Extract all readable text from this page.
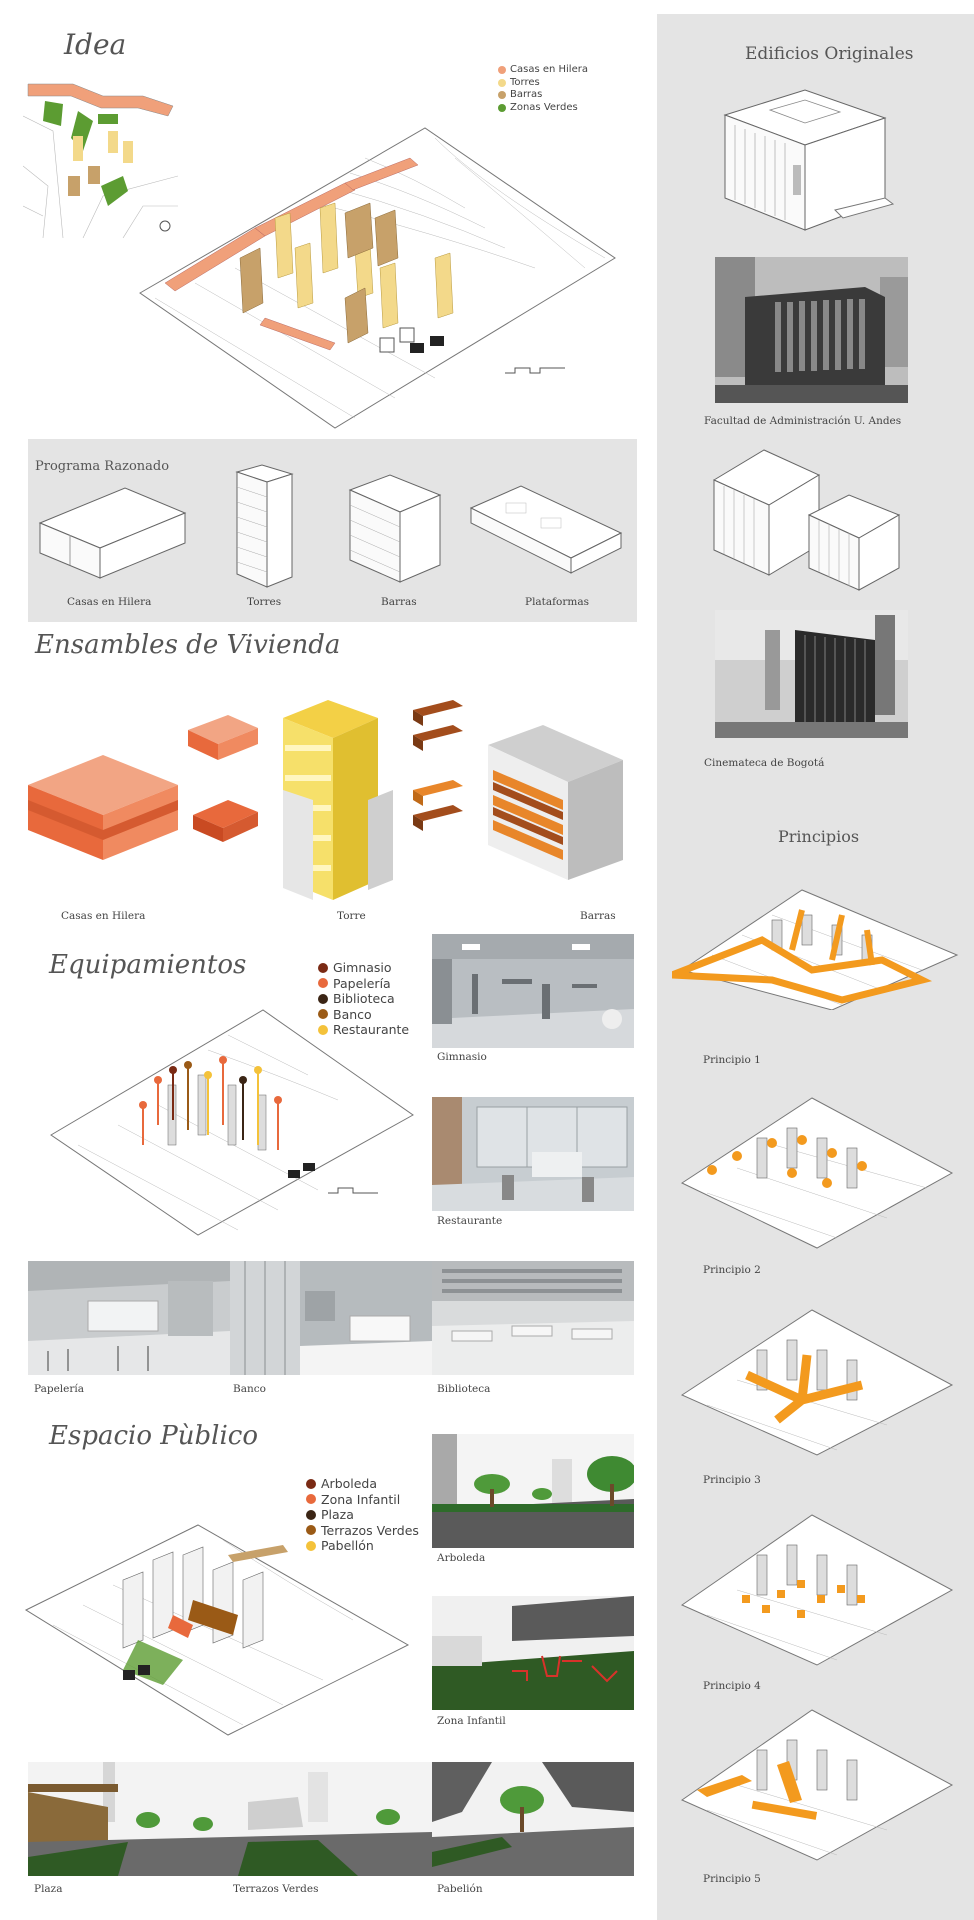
Edificios Originales
Facultad de Administración U. Andes
Cinemateca de Bogotá
Principios
Principio 1
Principio 2
Principio 3
Principio 4
Principio 5
Idea
Casas en Hilera
Torres
Barras
Zonas Verdes
Programa Razonado
Casas en Hilera	Torres	Barras	Plataformas
Ensambles de Vivienda
Casas en Hilera	Torre	Barras
Equipamientos	Gimnasio
Papelería
Biblioteca
Banco
Restaurante
Gimnasio
Restaurante
Papelería	Banco	Biblioteca
Espacio Pùblico
Arboleda
Zona Infantil
Plaza
Terrazos Verdes
Pabellón
Arboleda
Zona Infantil
Plaza	Terrazos Verdes	Pabelión
